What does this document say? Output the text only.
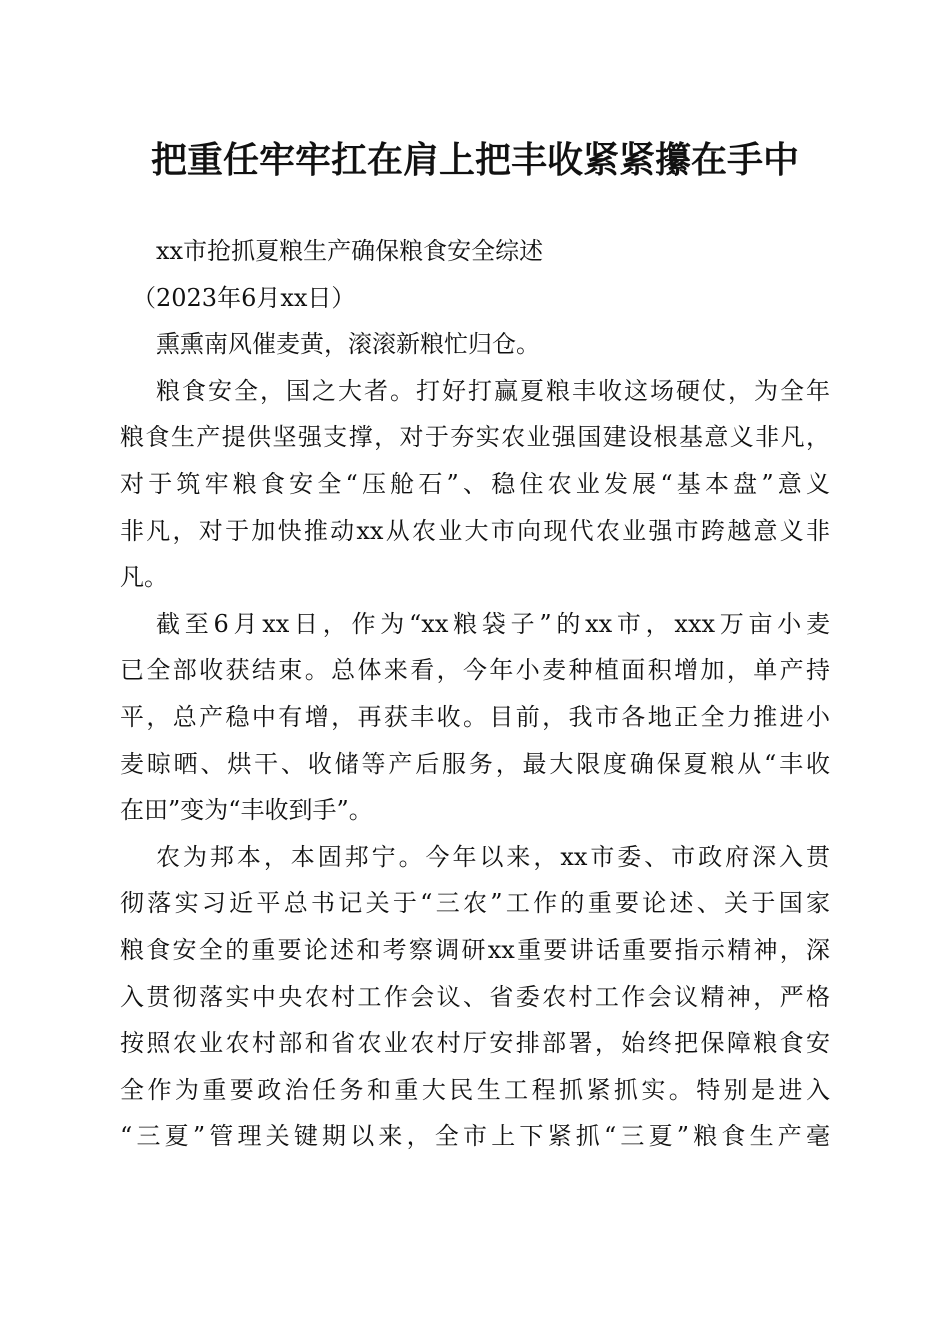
把重任牢牢扛在肩上把丰收紧紧攥在手中
xx市抢抓夏粮生产确保粮食安全综述
（2023年6月xx日）
熏熏南风催麦黄，滚滚新粮忙归仓。
粮食安全，国之大者。打好打赢夏粮丰收这场硬仗，为全年
粮食生产提供坚强支撑，对于夯实农业强国建设根基意义非凡，
对于筑牢粮食安全“压舱石”、稳住农业发展“基本盘”意义
非凡，对于加快推动xx从农业大市向现代农业强市跨越意义非
凡。
截至6月xx日，作为“xx粮袋子”的xx市，xxx万亩小麦
已全部收获结束。总体来看，今年小麦种植面积增加，单产持
平，总产稳中有增，再获丰收。目前，我市各地正全力推进小
麦晾晒、烘干、收储等产后服务，最大限度确保夏粮从“丰收
在田”变为“丰收到手”。
农为邦本，本固邦宁。今年以来，xx市委、市政府深入贯
彻落实习近平总书记关于“三农”工作的重要论述、关于国家
粮食安全的重要论述和考察调研xx重要讲话重要指示精神，深
入贯彻落实中央农村工作会议、省委农村工作会议精神，严格
按照农业农村部和省农业农村厅安排部署，始终把保障粮食安
全作为重要政治任务和重大民生工程抓紧抓实。特别是进入
“三夏”管理关键期以来，全市上下紧抓“三夏”粮食生产毫
